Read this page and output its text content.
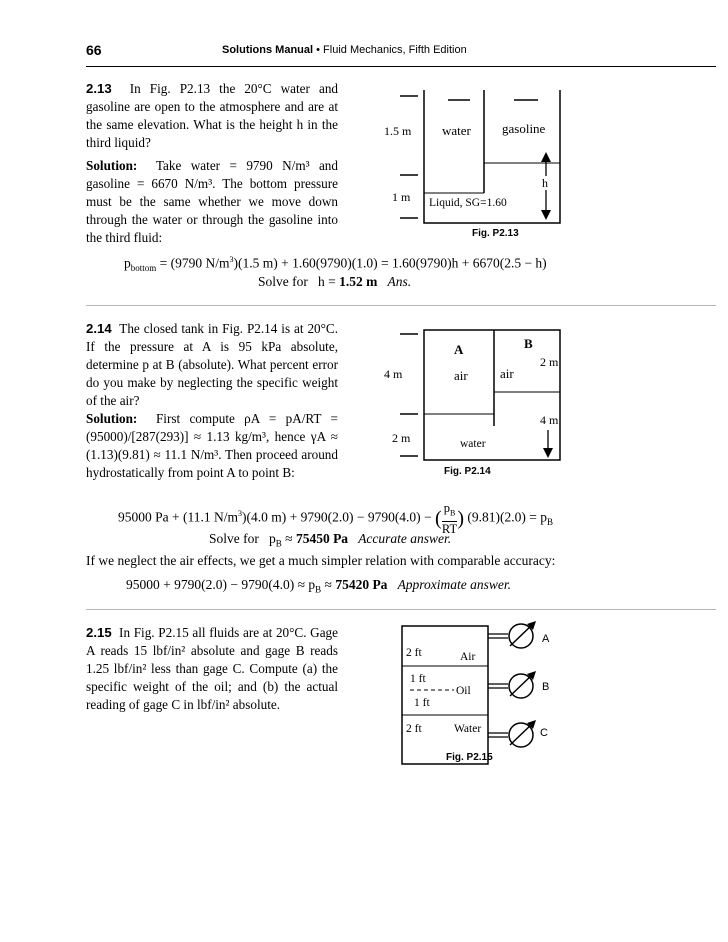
66	Solutions Manual • Fluid Mechanics, Fifth Edition
2.13 In Fig. P2.13 the 20°C water and gasoline are open to the atmosphere and are at the same elevation. What is the height h in the third liquid?
Solution: Take water = 9790 N/m³ and gasoline = 6670 N/m³. The bottom pressure must be the same whether we move down through the water or through the gasoline into the third fluid:
1.5 m
1 m
water gasoline
Liquid, SG=1.60
h
Fig. P2.13
$p_{bottom} = (9790$ $N/m^3)(1.5$ m) + 1.60(9790)(1.0) = 1.60(9790)h + 6670(2.5 − h)
Solve for h = 1.52 m Ans.
2.14 The closed tank in Fig. P2.14 is at 20°C. If the pressure at A is 95 kPa absolute, determine p at B (absolute). What percent error do you make by neglecting the specific weight of the air?
Solution: First compute ρA = pA/RT = (95000)/[287(293)] ≈ 1.13 kg/m³, hence γA ≈ (1.13)(9.81) ≈ 11.1 N/m³. Then proceed around hydrostatically from point A to point B:
4 m
2 m
A	B
air air
2 m
4 m
water
Fig. P2.14
95000 Pa + (11.1 $N/m^3)(4.0$ m) + 9790(2.0) − 9790(4.0) − ( $\frac{p_B}{RT}$ ) $(9.81)(2.0) = p_B$
Solve for   $p_B \approx 75450$ Pa Accurate answer.
If we neglect the air effects, we get a much simpler relation with comparable accuracy:
$95000 + 9790(2.0) - 9790(4.0) \approx p_B \approx 75420$ Pa Approximate answer.
2.15 In Fig. P2.15 all fluids are at 20°C. Gage A reads 15 lbf/in² absolute and gage B reads 1.25 lbf/in² less than gage C. Compute (a) the specific weight of the oil; and (b) the actual reading of gage C in lbf/in² absolute.
2 ft	Air
1 ft
Oil
1 ft
2 ft	Water
A
B
C
Fig. P2.15
